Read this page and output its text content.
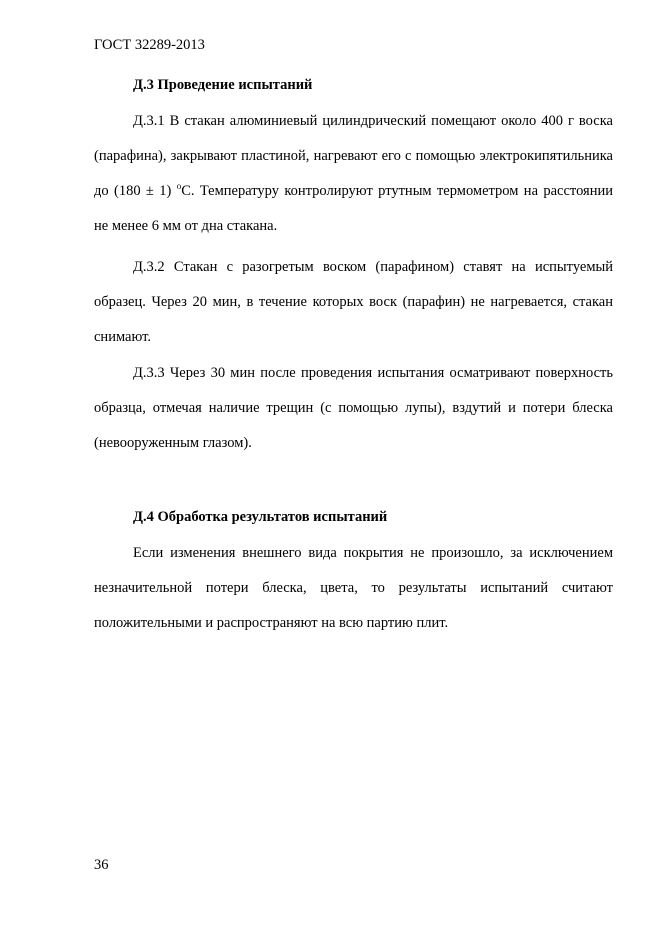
ГОСТ 32289-2013
Д.3 Проведение испытаний

Д.3.1 В стакан алюминиевый цилиндрический помещают около 400 г воска (парафина), закрывают пластиной, нагревают его с помощью электрокипятильника до (180 ± 1) $^о$С. Температуру контролируют ртутным термометром на расстоянии не менее 6 мм от дна стакана.

Д.3.2 Стакан с разогретым воском (парафином) ставят на испытуемый образец. Через 20 мин, в течение которых воск (парафин) не нагревается, стакан снимают.

Д.3.3 Через 30 мин после проведения испытания осматривают поверхность образца, отмечая наличие трещин (с помощью лупы), вздутий и потери блеска (невооруженным глазом).

Д.4 Обработка результатов испытаний

Если изменения внешнего вида покрытия не произошло, за исключением незначительной потери блеска, цвета, то результаты испытаний считают положительными и распространяют на всю партию плит.

36
